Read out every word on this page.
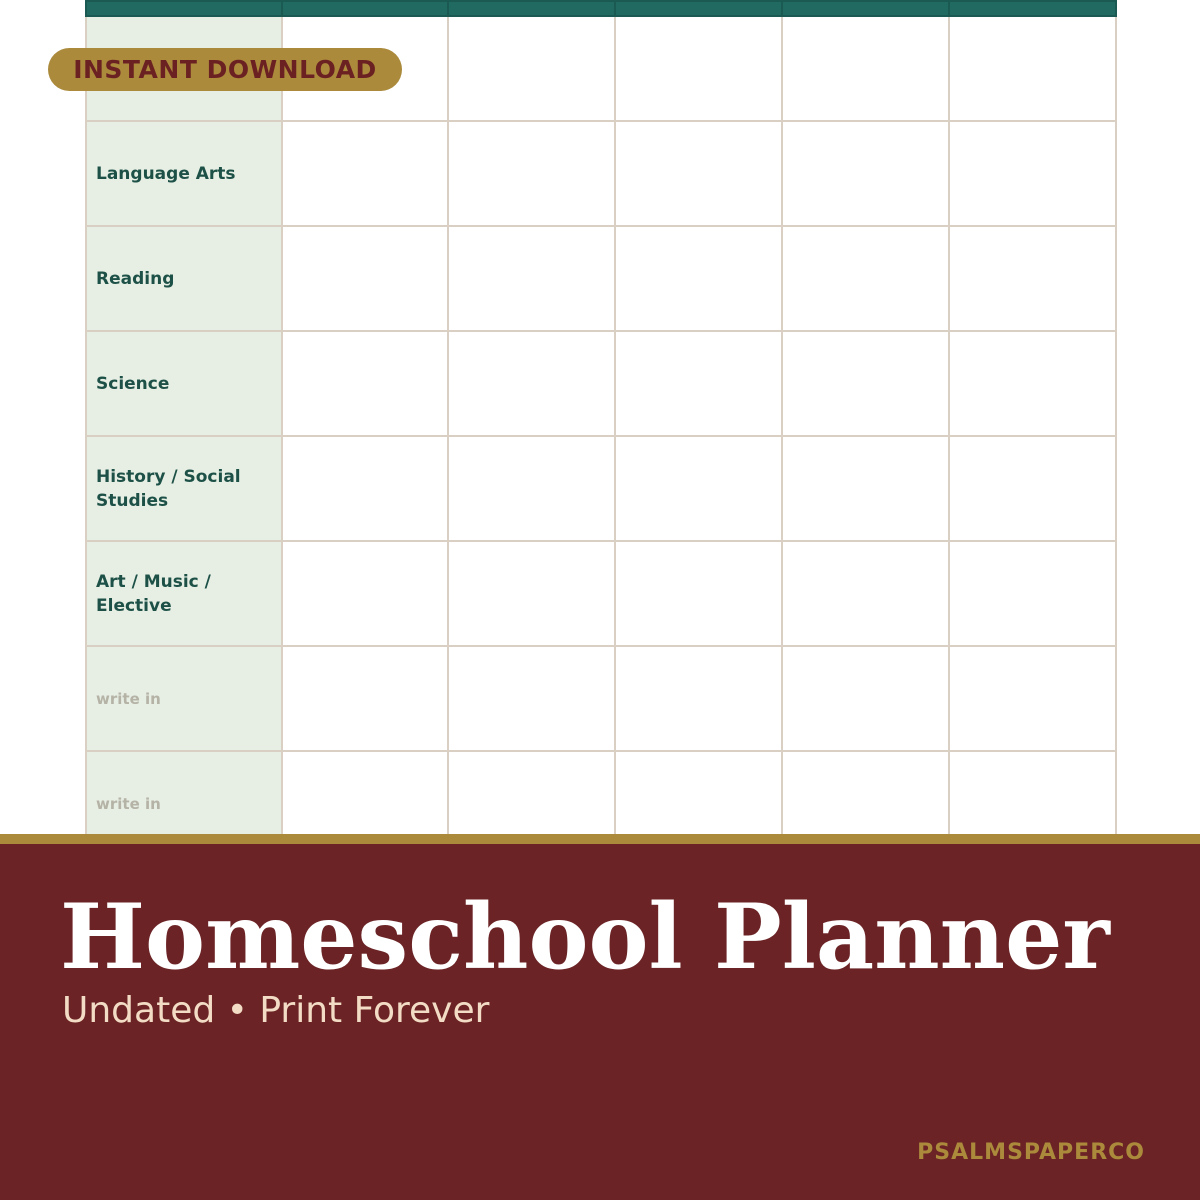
Language Arts					

Reading					

Science					

History / Social Studies					

Art / Music / Elective					

write in					

write in					

INSTANT DOWNLOAD
Homeschool Planner
Undated • Print Forever
PSALMSPAPERCO
